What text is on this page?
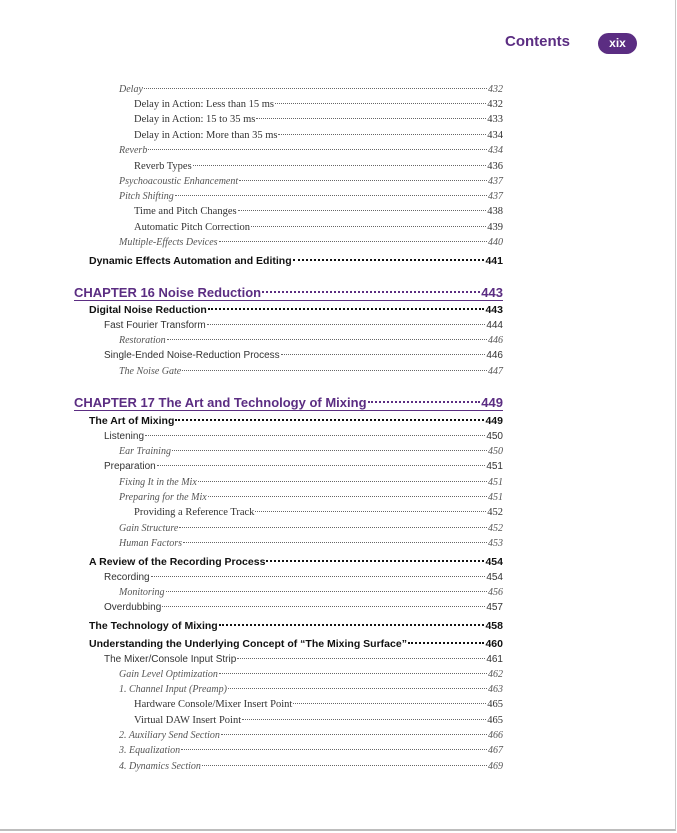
Contents	xix
Delay	432
Delay in Action: Less than 15 ms	432
Delay in Action: 15 to 35 ms	433
Delay in Action: More than 35 ms	434
Reverb	434
Reverb Types	436
Psychoacoustic Enhancement	437
Pitch Shifting	437
Time and Pitch Changes	438
Automatic Pitch Correction	439
Multiple-Effects Devices	440
Dynamic Effects Automation and Editing	441
CHAPTER 16 Noise Reduction	443
Digital Noise Reduction	443
Fast Fourier Transform	444
Restoration	446
Single-Ended Noise-Reduction Process	446
The Noise Gate	447
CHAPTER 17 The Art and Technology of Mixing	449
The Art of Mixing	449
Listening	450
Ear Training	450
Preparation	451
Fixing It in the Mix	451
Preparing for the Mix	451
Providing a Reference Track	452
Gain Structure	452
Human Factors	453
A Review of the Recording Process	454
Recording	454
Monitoring	456
Overdubbing	457
The Technology of Mixing	458
Understanding the Underlying Concept of “The Mixing Surface”	460
The Mixer/Console Input Strip	461
Gain Level Optimization	462
1. Channel Input (Preamp)	463
Hardware Console/Mixer Insert Point	465
Virtual DAW Insert Point	465
2. Auxiliary Send Section	466
3. Equalization	467
4. Dynamics Section	469
